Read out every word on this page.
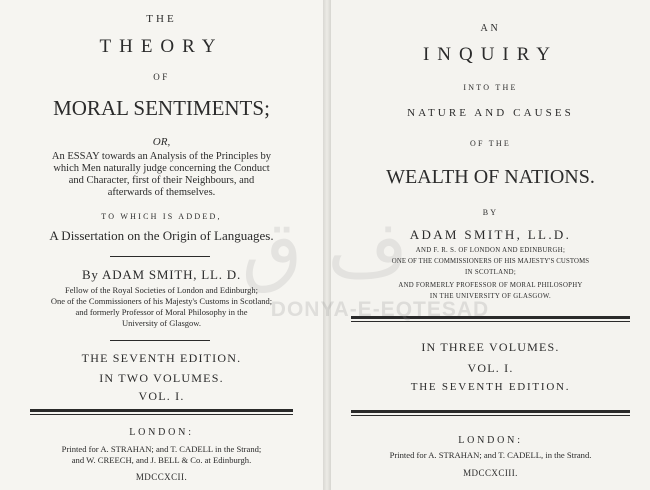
THE
THEORY
OF
MORAL SENTIMENTS;
OR,
An ESSAY towards an Analysis of the Principles by
which Men naturally judge concerning the Conduct
and Character, first of their Neighbours, and
afterwards of themselves.
TO WHICH IS ADDED,
A Dissertation on the Origin of Languages.
By ADAM SMITH, LL. D.
Fellow of the Royal Societies of London and Edinburgh;
One of the Commissioners of his Majesty's Customs in Scotland;
and formerly Professor of Moral Philosophy in the
University of Glasgow.
THE SEVENTH EDITION.
IN TWO VOLUMES.
VOL. I.
LONDON:
Printed for A. STRAHAN; and T. CADELL in the Strand;
and W. CREECH, and J. BELL & Co. at Edinburgh.
MDCCXCII.
AN
INQUIRY
INTO THE
NATURE AND CAUSES
OF THE
WEALTH OF NATIONS.
BY
ADAM SMITH, LL.D.
AND F. R. S. OF LONDON AND EDINBURGH;
ONE OF THE COMMISSIONERS OF HIS MAJESTY'S CUSTOMS
IN SCOTLAND;
AND FORMERLY PROFESSOR OF MORAL PHILOSOPHY
IN THE UNIVERSITY OF GLASGOW.
IN THREE VOLUMES.
VOL. I.
THE SEVENTH EDITION.
LONDON:
Printed for A. STRAHAN; and T. CADELL, in the Strand.
MDCCXCIII.
ف ق
DONYA-E-EQTESAD
